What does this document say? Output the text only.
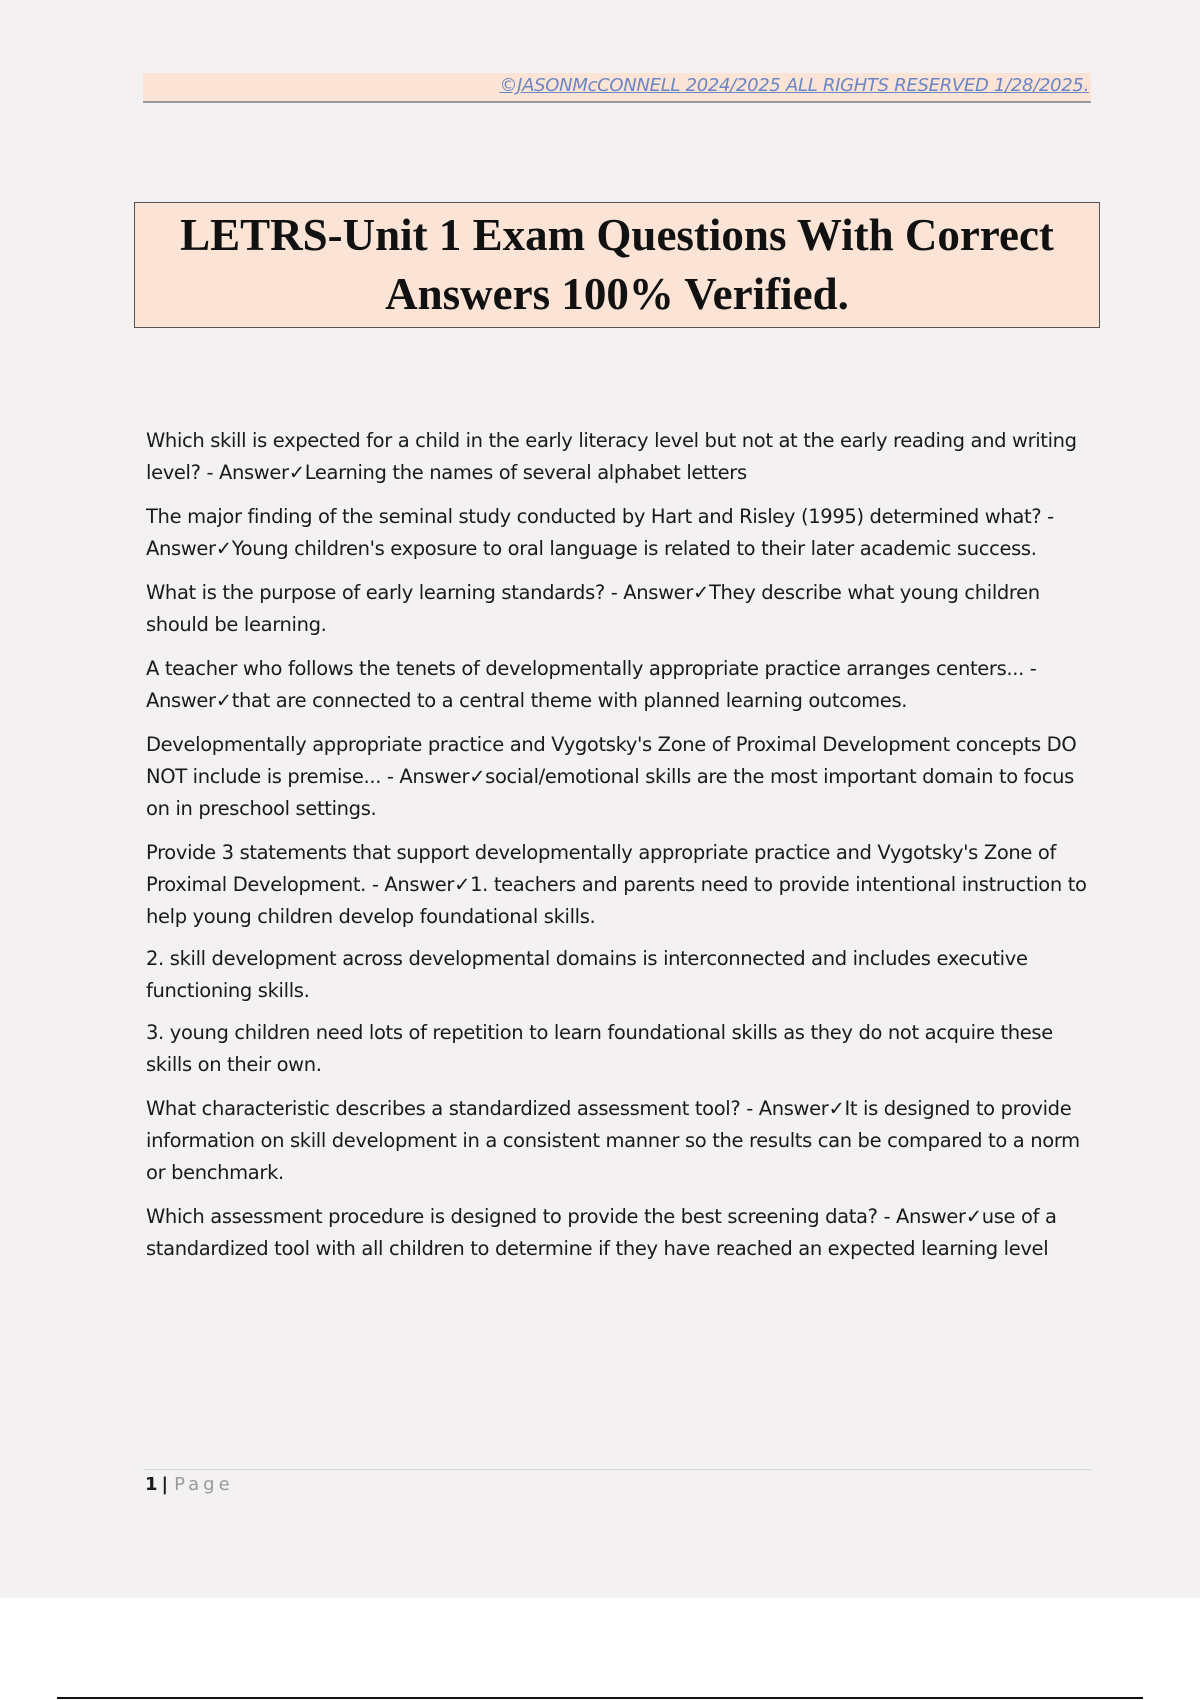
©JASONMcCONNELL 2024/2025 ALL RIGHTS RESERVED 1/28/2025.
LETRS-Unit 1 Exam Questions With Correct Answers 100% Verified.

Which skill is expected for a child in the early literacy level but not at the early reading and writing level? - Answer✓Learning the names of several alphabet letters

The major finding of the seminal study conducted by Hart and Risley (1995) determined what? - Answer✓Young children's exposure to oral language is related to their later academic success.

What is the purpose of early learning standards? - Answer✓They describe what young children should be learning.

A teacher who follows the tenets of developmentally appropriate practice arranges centers... - Answer✓that are connected to a central theme with planned learning outcomes.

Developmentally appropriate practice and Vygotsky's Zone of Proximal Development concepts DO NOT include is premise... - Answer✓social/emotional skills are the most important domain to focus on in preschool settings.

Provide 3 statements that support developmentally appropriate practice and Vygotsky's Zone of Proximal Development. - Answer✓1. teachers and parents need to provide intentional instruction to help young children develop foundational skills.

2. skill development across developmental domains is interconnected and includes executive functioning skills.

3. young children need lots of repetition to learn foundational skills as they do not acquire these skills on their own.

What characteristic describes a standardized assessment tool? - Answer✓It is designed to provide information on skill development in a consistent manner so the results can be compared to a norm or benchmark.

Which assessment procedure is designed to provide the best screening data? - Answer✓use of a standardized tool with all children to determine if they have reached an expected learning level

1 | Page
